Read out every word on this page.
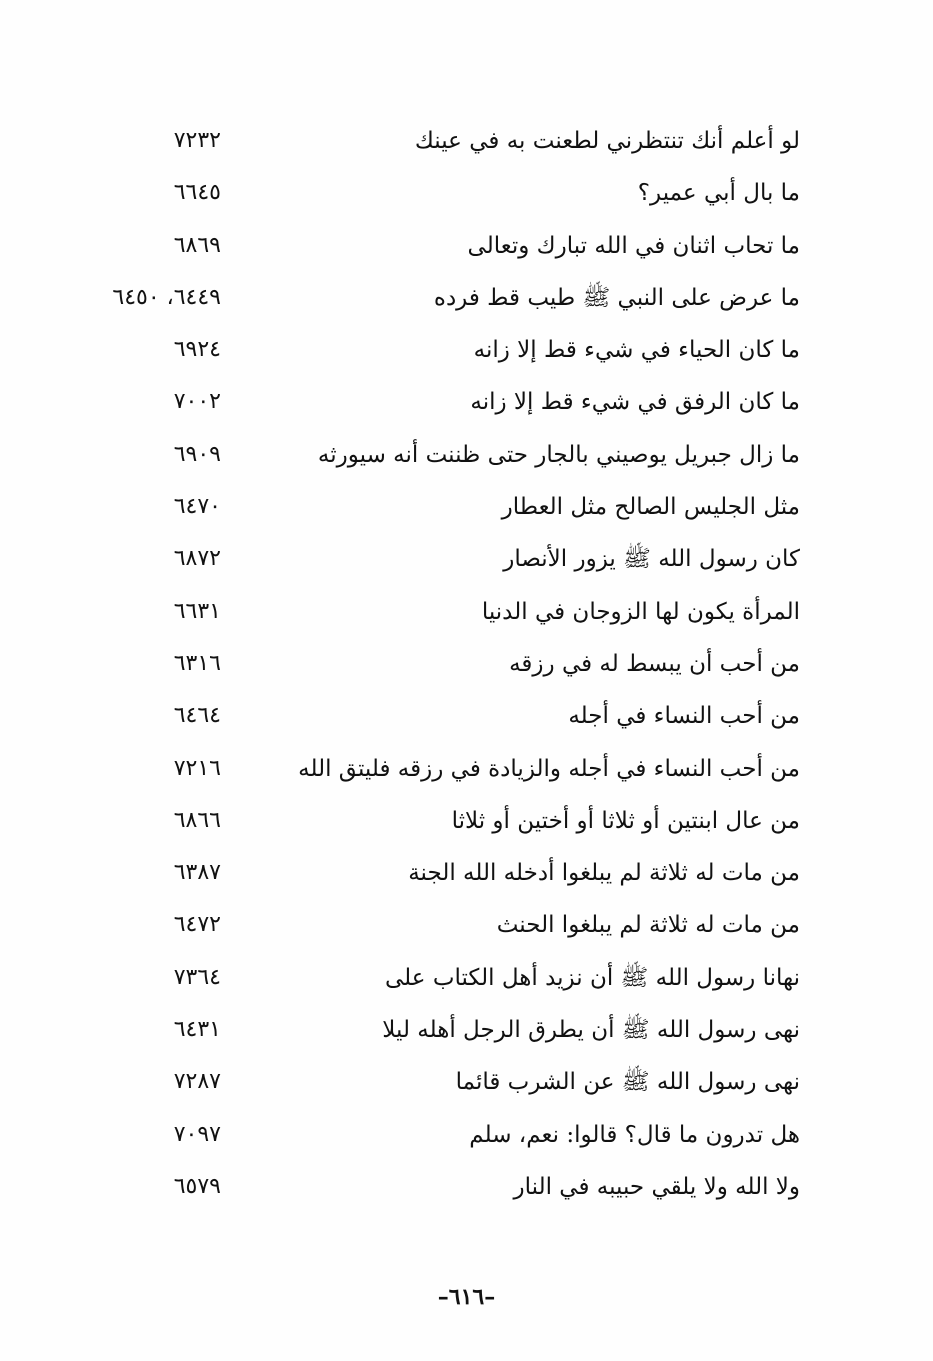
لو أعلم أنك تنتظرني لطعنت به في عينك
٧٢٣٢
ما بال أبي عمير؟
٦٦٤٥
ما تحاب اثنان في الله تبارك وتعالى
٦٨٦٩
ما عرض على النبي ﷺ طيب قط فرده
٦٤٤٩، ٦٤٥٠
ما كان الحياء في شيء قط إلا زانه
٦٩٢٤
ما كان الرفق في شيء قط إلا زانه
٧٠٠٢
ما زال جبريل يوصيني بالجار حتى ظننت أنه سيورثه
٦٩٠٩
مثل الجليس الصالح مثل العطار
٦٤٧٠
كان رسول الله ﷺ يزور الأنصار
٦٨٧٢
المرأة يكون لها الزوجان في الدنيا
٦٦٣١
من أحب أن يبسط له في رزقه
٦٣١٦
من أحب النساء في أجله
٦٤٦٤
من أحب النساء في أجله والزيادة في رزقه فليتق الله
٧٢١٦
من عال ابنتين أو ثلاثا أو أختين أو ثلاثا
٦٨٦٦
من مات له ثلاثة لم يبلغوا أدخله الله الجنة
٦٣٨٧
من مات له ثلاثة لم يبلغوا الحنث
٦٤٧٢
نهانا رسول الله ﷺ أن نزيد أهل الكتاب على
٧٣٦٤
نهى رسول الله ﷺ أن يطرق الرجل أهله ليلا
٦٤٣١
نهى رسول الله ﷺ عن الشرب قائما
٧٢٨٧
هل تدرون ما قال؟ قالوا: نعم، سلم
٧٠٩٧
ولا الله ولا يلقي حبيبه في النار
٦٥٧٩
–٦١٦–
